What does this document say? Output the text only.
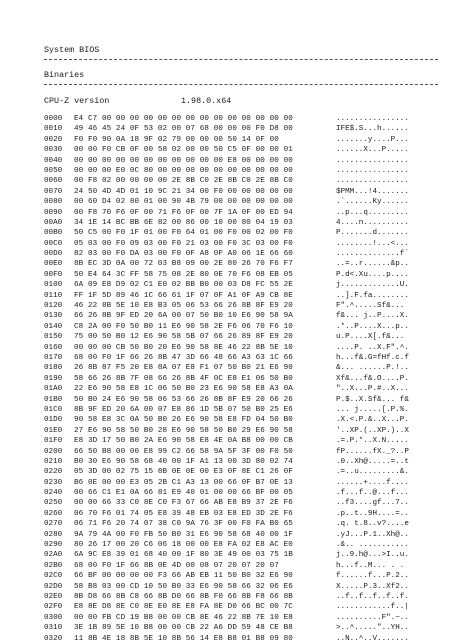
System BIOS
Binaries
CPU-Z version	1.98.0.x64
0000	E4 C7 00 00 00 00 00 00 00 00 00 00 00 00 00 00	................
0010	49 46 45 24 0F 53 02 00 07 68 00 00 00 F0 D8 00	IFE$.S...h......
0020	F0 F0 90 0A 18 9F 02 79 00 00 00 50 14 0F 00	.......y....P...
0030	00 00 F0 CB 0F 00 58 02 00 00 50 C5 0F 00 00 01	......X...P.....
0040	00 00 00 00 00 00 00 00 00 00 00 E8 00 00 00 00	................
0050	00 00 00 E0 0C 80 00 00 00 00 00 00 00 00 00 00	................
0060	00 F8 02 00 00 00 00 2E 8B C0 2E 8B C0 2E 8B C0	................
0070	24 50 4D 4D 01 10 9C 21 34 00 F0 00 00 00 00 00	$PMM...!4.......
0080	00 60 D4 02 80 01 00 90 4B 79 00 00 00 00 00 00	.`......Ky......
0090	00 F8 70 F6 0F 00 71 F6 0F 00 7F 1A 0F 00 ED 94	..p...q.........
00A0	34 1E 14 BC BB 6E 82 00 86 00 10 00 80 04 19 03	4....n..........
00B0	50 C5 00 F0 1F 01 00 F0 64 01 00 F0 00 02 00 F0	P.......d.......
00C0	05 03 00 F0 09 03 00 F0 21 03 00 F0 3C 03 00 F0	........!...<...
00D0	82 03 00 F0 DA 03 00 F0 0F A8 0F A0 06 1E 66 60	..............f`
00E0	8B EC 3D 0A 00 72 03 B8 09 00 2E 80 26 70 F6 F7	..=..r......&p..
00F0	50 E4 64 3C FF 58 75 08 2E 80 0E 70 F6 08 EB 05	P.d<.Xu....p....
0100	6A 09 E8 D9 02 C1 E0 02 BB B0 00 03 D8 FC 55 2E	j.............U.
0110	FF 1F 5D 89 46 1C 66 61 1F 07 0F A1 0F A9 CB 8E	..].F.fa........
0120	46 22 8B 5E 10 E8 B3 05 06 53 66 26 8B 8F E9 20	F".^.....Sf&...
0130	66 26 8B 9F ED 20 6A 00 07 50 B0 10 E6 90 58 9A	f&... j..P....X.
0140	C8 2A 00 F0 50 B0 11 E6 90 58 2E F6 06 70 F6 10	.*..P....X...p..
0150	75 00 50 B0 12 E6 90 58 5B 07 66 26 89 8F E9 20	u.P....X[.f&...
0160	00 00 00 CB 50 B0 20 E6 90 58 8E 46 22 8B 5E 10	....P. ..X.F".^.
0170	68 00 F0 1F 66 26 8B 47 3D 66 48 66 A3 63 1C 66	h...f&.G=fHf.c.f
0180	26 8B 87 F5 20 E8 8A 07 E8 F1 07 50 B0 21 E6 90	&... ......P.!..
0190	58 66 26 8B 7F 08 66 26 8B 4F 0C E8 E1 06 50 B0	Xf&...f&.O....P.
01A0	22 E6 90 58 E8 1C 06 50 B0 23 E6 90 58 E8 A3 0A	"..X...P.#..X...
01B0	50 B0 24 E6 90 58 06 53 66 26 8B 8F E9 20 66 26	P.$..X.Sf&... f&
01C0	8B 9F ED 20 6A 00 07 E8 86 1D 5B 07 50 B0 25 E6	... j.....[.P.%.
01D0	90 58 E8 3C 0A 50 B0 26 E6 90 58 E8 FD 04 50 B0	.X.<.P.&..X...P.
01E0	27 E6 90 58 50 B0 28 E6 90 58 50 B0 29 E6 90 58	'..XP.(..XP.)..X
01F0	E8 3D 17 50 B0 2A E6 90 58 E8 4E 0A B8 00 00 CB	.=.P.*..X.N.....
0200	66 50 B8 00 00 E8 99 C2 66 58 9A 5F 3F 00 F0 50	fP......fX._?..P
0210	B0 30 E6 90 58 68 40 00 1F A1 13 00 3D 80 02 74	.0..Xh@.....=..t
0220	05 3D 00 02 75 15 8B 0E 0E 00 E3 0F 8E C1 26 0F	.=..u.........&.
0230	B6 0E 00 00 E3 05 2B C1 A3 13 00 66 0F B7 0E 13	......+....f....
0240	00 66 C1 E1 0A 66 81 E9 40 01 00 00 66 BF 00 05	.f...f..@...f...
0250	00 00 66 33 C0 8E C0 F3 67 66 AB E8 B9 37 2E F6	..f3....gf...7..
0260	06 70 F6 01 74 05 E8 39 48 EB 03 E8 ED 3D 2E F6	.p..t..9H....=..
0270	06 71 F6 20 74 07 38 C0 9A 76 3F 00 F0 FA B0 65	.q. t.8..v?....e
0280	9A 79 4A 00 F0 FB 50 B0 31 E6 90 58 68 40 00 1F	.yJ...P.1..Xh@..
0290	80 26 17 00 20 C6 06 18 00 00 E8 FA 02 E8 AC E0	.&.. ...........
02A0	6A 9C E8 39 01 68 40 00 1F 80 3E 49 00 03 75 1B	j..9.h@...>I..u.
02B0	68 00 F0 1F 66 8B 0E 4D 00 08 07 20 07 20 07	h...f..M... . .
02C0	66 BF 00 00 00 00 F3 66 AB EB 11 50 B0 32 E6 90	f......f...P.2..
02D0	58 B8 03 00 CD 10 50 B0 33 E6 90 58 66 32 06 E6	X.....P.3..Xf2..
02E0	8B D8 66 8B C8 66 8B D0 66 8B F0 66 8B F8 66 8B	..f..f..f..f..f.
02F0	E8 8E D8 8E C0 8E E0 8E E8 FA 8E D0 66 BC 00 7C	............f..|
0300	00 00 FB CD 19 B8 00 00 CB 8E 46 22 8B 7E 10 E8	..........F".~..
0310	3E 1B 89 5E 10 B8 00 00 CB 22 A6 DD 59 48 CE B8	>..^....."..YH..
0320	11 8B 4E 18 8B 5E 10 8B 56 14 E8 B8 01 B8 09 80	..N..^..V.......
